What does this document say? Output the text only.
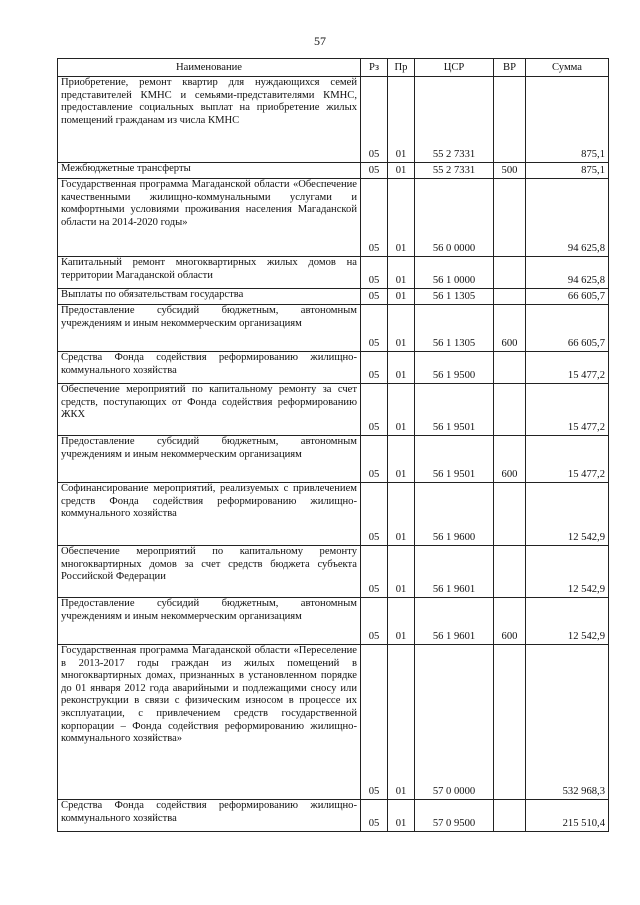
57
Наименование	Рз	Пр	ЦСР	ВР	Сумма
Приобретение, ремонт квартир для нуждающихся семей представителей КМНС и семьями-представителями КМНС, предоставление социальных выплат на приобретение жилых помещений гражданам из числа КМНС	05	01	55 2 7331		875,1
Межбюджетные трансферты	05	01	55 2 7331	500	875,1
Государственная программа Магаданской области «Обеспечение качественными жилищно-коммунальными услугами и комфортными условиями проживания населения Магаданской области на 2014-2020 годы»	05	01	56 0 0000		94 625,8
Капитальный ремонт многоквартирных жилых домов на территории Магаданской области	05	01	56 1 0000		94 625,8
Выплаты по обязательствам государства	05	01	56 1 1305		66 605,7
Предоставление субсидий бюджетным, автономным учреждениям и иным некоммерческим организациям	05	01	56 1 1305	600	66 605,7
Средства Фонда содействия реформированию жилищно-коммунального хозяйства	05	01	56 1 9500		15 477,2
Обеспечение мероприятий по капитальному ремонту за счет средств, поступающих от Фонда содействия реформированию ЖКХ	05	01	56 1 9501		15 477,2
Предоставление субсидий бюджетным, автономным учреждениям и иным некоммерческим организациям	05	01	56 1 9501	600	15 477,2
Софинансирование мероприятий, реализуемых с привлечением средств Фонда содействия реформированию жилищно-коммунального хозяйства	05	01	56 1 9600		12 542,9
Обеспечение мероприятий по капитальному ремонту многоквартирных домов за счет средств бюджета субъекта Российской Федерации	05	01	56 1 9601		12 542,9
Предоставление субсидий бюджетным, автономным учреждениям и иным некоммерческим организациям	05	01	56 1 9601	600	12 542,9
Государственная программа Магаданской области «Переселение в 2013-2017 годы граждан из жилых помещений в многоквартирных домах, признанных в установленном порядке до 01 января 2012 года аварийными и подлежащими сносу или реконструкции в связи с физическим износом в процессе их эксплуатации, с привлечением средств государственной корпорации – Фонда содействия реформированию жилищно-коммунального хозяйства»	05	01	57 0 0000		532 968,3
Средства Фонда содействия реформированию жилищно-коммунального хозяйства	05	01	57 0 9500		215 510,4
